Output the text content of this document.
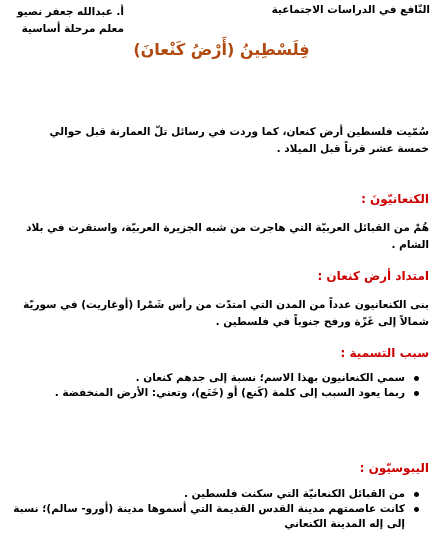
النّافع في الدراسات الاجتماعية
أ. عبدالله جعفر نصيو
معلم مرحلة أساسية
فِلَسْطِينُ (أَرْضُ كَنْعانَ)
سُمّيت فلسطين أرض كنعان، كما وردت في رسائل تلّ العمارنة قبل حوالي خمسة عشر قرناً قبل الميلاد .
الكنعانيّونَ :
هُمْ من القبائل العربيّة التي هاجرت من شبه الجزيرة العربيّة، واستقرت في بلاد الشام .
امتداد أرض كنعان :
بنى الكنعانيون عدداً من المدن التي امتدّت من رأس شَمْرا (أوغاريت) في سوريّة شمالاً إلى غَزّة ورفح جنوباً في فلسطين .
سبب التسمية :
سمي الكنعانيون بهذا الاسم؛ نسبة إلى جدهم كنعان .
ربما يعود السبب إلى كلمة (كَنع) أو (خَنَع)، وتعني: الأرض المنخفضة .
اليبوسيّون :
من القبائل الكنعانيّة التي سكنت فلسطين .
كانت عاصمتهم مدينة القدس القديمة التي أسموها مدينة (أورو- سالم)؛ نسبة إلى إله المدينة الكنعاني
